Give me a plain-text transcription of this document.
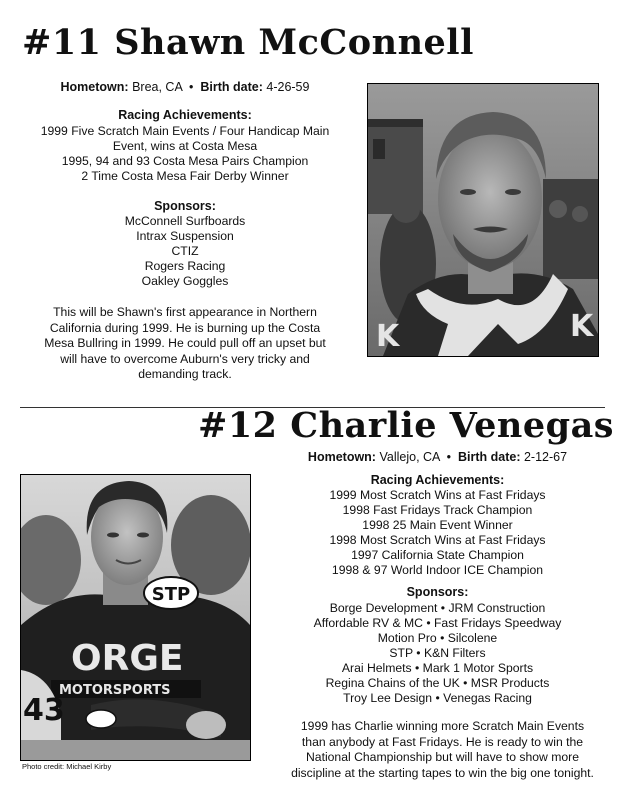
#11 Shawn McConnell
Hometown: Brea, CA  •  Birth date: 4-26-59
Racing Achievements:
1999 Five Scratch Main Events / Four Handicap Main
Event, wins at Costa Mesa
1995, 94 and 93 Costa Mesa Pairs Champion
2 Time Costa Mesa Fair Derby Winner
Sponsors:
McConnell Surfboards
Intrax Suspension
CTIZ
Rogers Racing
Oakley Goggles
This will be Shawn's first appearance in Northern
California during 1999. He is burning up the Costa
Mesa Bullring in 1999. He could pull off an upset but
will have to overcome Auburn's very tricky and
demanding track.
K	K
#12 Charlie Venegas
Hometown: Vallejo, CA  •  Birth date: 2-12-67
Racing Achievements:
1999 Most Scratch Wins at Fast Fridays
1998 Fast Fridays Track Champion
1998 25 Main Event Winner
1998 Most Scratch Wins at Fast Fridays
1997 California State Champion
1998 & 97 World Indoor ICE Champion
Sponsors:
Borge Development • JRM Construction
Affordable RV & MC • Fast Fridays Speedway
Motion Pro • Silcolene
STP • K&N Filters
Arai Helmets • Mark 1 Motor Sports
Regina Chains of the UK • MSR Products
Troy Lee Design • Venegas Racing
1999 has Charlie winning more Scratch Main Events
than anybody at Fast Fridays. He is ready to win the
National Championship but will have to show more
discipline at the starting tapes to win the big one tonight.
STP
ORGE
MOTORSPORTS
43
Photo credit: Michael Kirby
